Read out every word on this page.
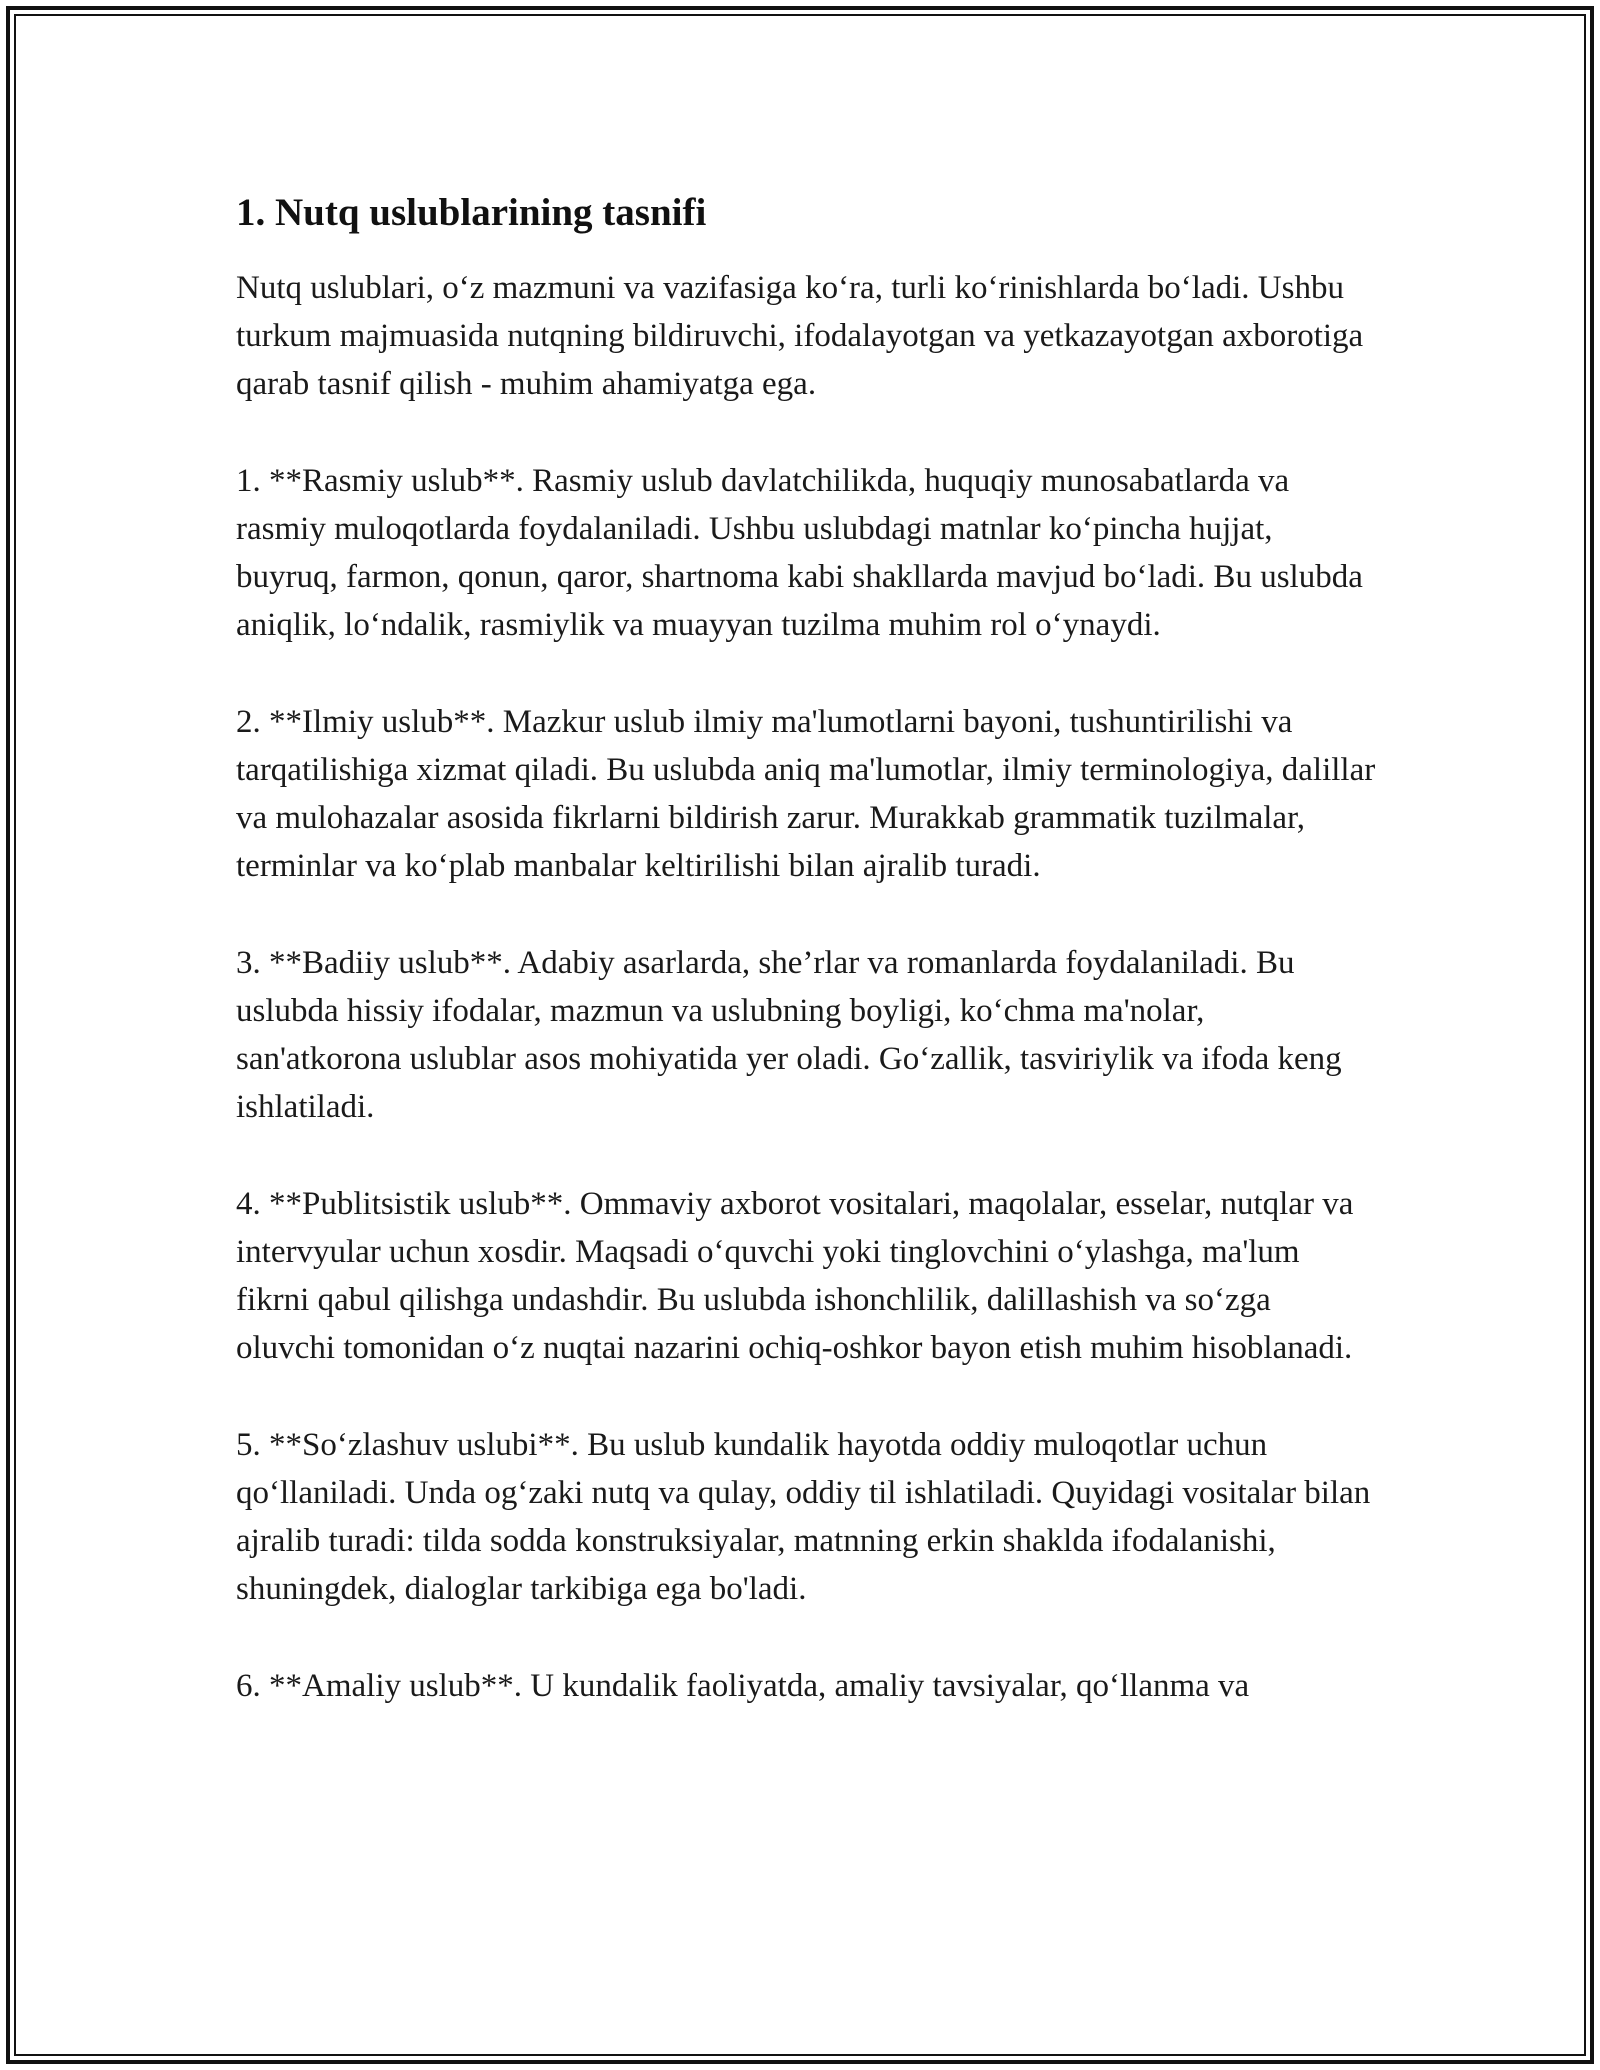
1. Nutq uslublarining tasnifi

Nutq uslublari, o‘z mazmuni va vazifasiga ko‘ra, turli ko‘rinishlarda bo‘ladi. Ushbu turkum majmuasida nutqning bildiruvchi, ifodalayotgan va yetkazayotgan axborotiga qarab tasnif qilish - muhim ahamiyatga ega.

1. **Rasmiy uslub**. Rasmiy uslub davlatchilikda, huquqiy munosabatlarda va rasmiy muloqotlarda foydalaniladi. Ushbu uslubdagi matnlar ko‘pincha hujjat, buyruq, farmon, qonun, qaror, shartnoma kabi shakllarda mavjud bo‘ladi. Bu uslubda aniqlik, lo‘ndalik, rasmiylik va muayyan tuzilma muhim rol o‘ynaydi.

2. **Ilmiy uslub**. Mazkur uslub ilmiy ma'lumotlarni bayoni, tushuntirilishi va tarqatilishiga xizmat qiladi. Bu uslubda aniq ma'lumotlar, ilmiy terminologiya, dalillar va mulohazalar asosida fikrlarni bildirish zarur. Murakkab grammatik tuzilmalar, terminlar va ko‘plab manbalar keltirilishi bilan ajralib turadi.

3. **Badiiy uslub**. Adabiy asarlarda, she’rlar va romanlarda foydalaniladi. Bu uslubda hissiy ifodalar, mazmun va uslubning boyligi, ko‘chma ma'nolar, san'atkorona uslublar asos mohiyatida yer oladi. Go‘zallik, tasviriylik va ifoda keng ishlatiladi.

4. **Publitsistik uslub**. Ommaviy axborot vositalari, maqolalar, esselar, nutqlar va intervyular uchun xosdir. Maqsadi o‘quvchi yoki tinglovchini o‘ylashga, ma'lum fikrni qabul qilishga undashdir. Bu uslubda ishonchlilik, dalillashish va so‘zga oluvchi tomonidan o‘z nuqtai nazarini ochiq-oshkor bayon etish muhim hisoblanadi.

5. **So‘zlashuv uslubi**. Bu uslub kundalik hayotda oddiy muloqotlar uchun qo‘llaniladi. Unda og‘zaki nutq va qulay, oddiy til ishlatiladi. Quyidagi vositalar bilan ajralib turadi: tilda sodda konstruksiyalar, matnning erkin shaklda ifodalanishi, shuningdek, dialoglar tarkibiga ega bo'ladi.

6. **Amaliy uslub**. U kundalik faoliyatda, amaliy tavsiyalar, qo‘llanma va
